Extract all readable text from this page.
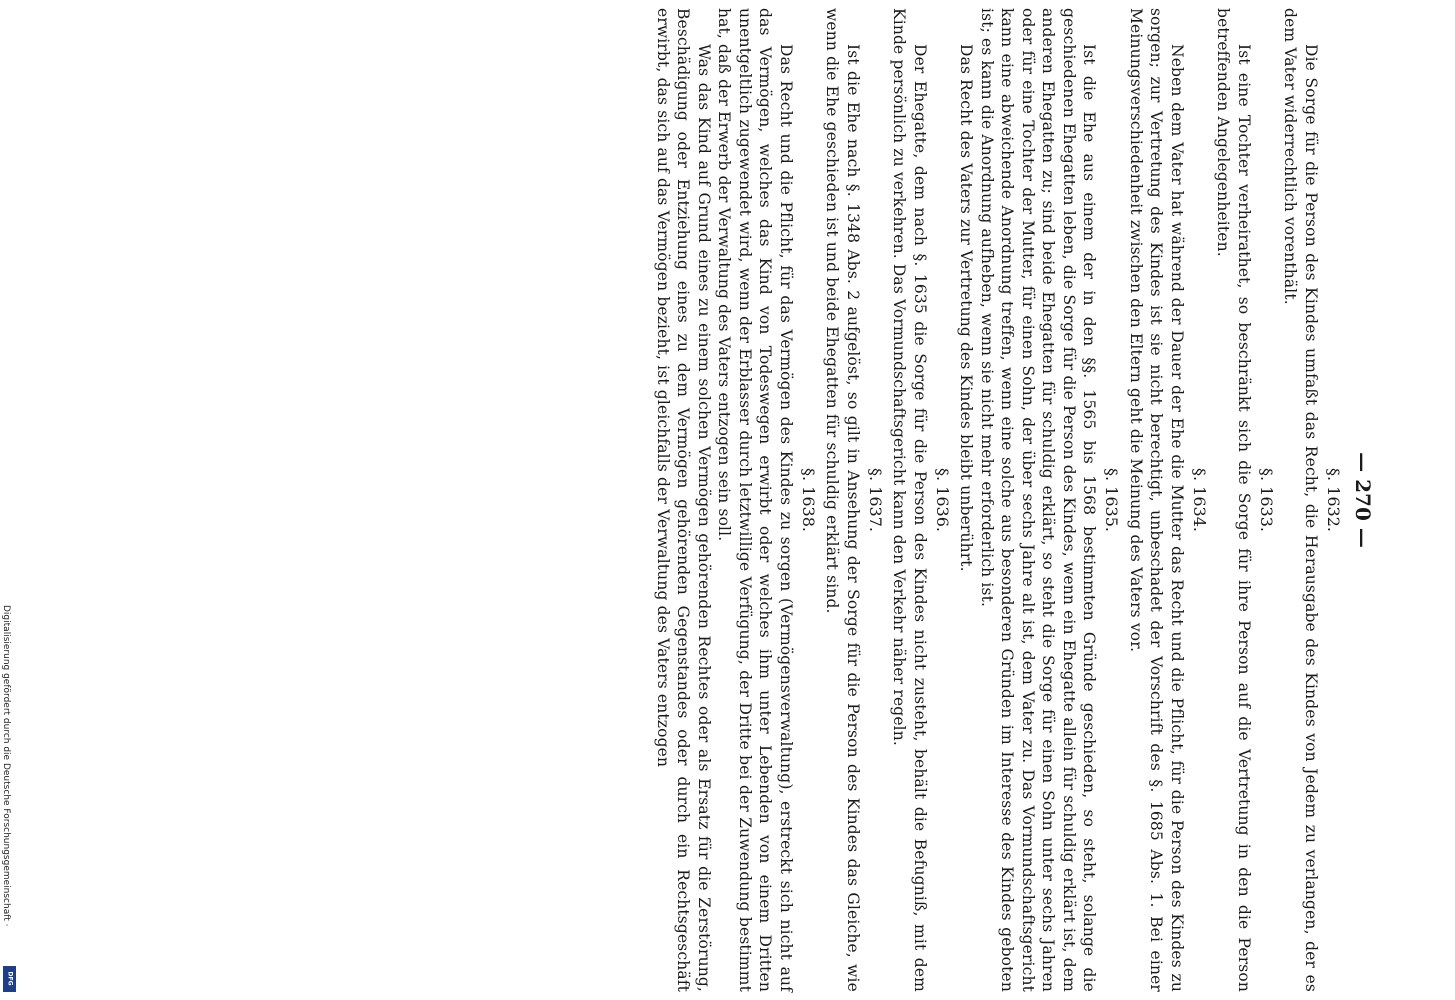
— 270 —
§. 1632.

Die Sorge für die Person des Kindes umfaßt das Recht, die Herausgabe des Kindes von Jedem zu verlangen, der es dem Vater widerrechtlich vorenthält.

§. 1633.

Ist eine Tochter verheirathet, so beschränkt sich die Sorge für ihre Person auf die Vertretung in den die Person betreffenden Angelegenheiten.

§. 1634.

Neben dem Vater hat während der Dauer der Ehe die Mutter das Recht und die Pflicht, für die Person des Kindes zu sorgen; zur Vertretung des Kindes ist sie nicht berechtigt, unbeschadet der Vorschrift des §. 1685 Abs. 1. Bei einer Meinungsverschiedenheit zwischen den Eltern geht die Meinung des Vaters vor.

§. 1635.

Ist die Ehe aus einem der in den §§. 1565 bis 1568 bestimmten Gründe geschieden, so steht, solange die geschiedenen Ehegatten leben, die Sorge für die Person des Kindes, wenn ein Ehegatte allein für schuldig erklärt ist, dem anderen Ehegatten zu; sind beide Ehegatten für schuldig erklärt, so steht die Sorge für einen Sohn unter sechs Jahren oder für eine Tochter der Mutter, für einen Sohn, der über sechs Jahre alt ist, dem Vater zu. Das Vormundschaftsgericht kann eine abweichende Anordnung treffen, wenn eine solche aus besonderen Gründen im Interesse des Kindes geboten ist; es kann die Anordnung aufheben, wenn sie nicht mehr erforderlich ist.

Das Recht des Vaters zur Vertretung des Kindes bleibt unberührt.

§. 1636.

Der Ehegatte, dem nach §. 1635 die Sorge für die Person des Kindes nicht zusteht, behält die Befugniß, mit dem Kinde persönlich zu verkehren. Das Vormundschaftsgericht kann den Verkehr näher regeln.

§. 1637.

Ist die Ehe nach §. 1348 Abs. 2 aufgelöst, so gilt in Ansehung der Sorge für die Person des Kindes das Gleiche, wie wenn die Ehe geschieden ist und beide Ehegatten für schuldig erklärt sind.

§. 1638.

Das Recht und die Pflicht, für das Vermögen des Kindes zu sorgen (Vermögensverwaltung), erstreckt sich nicht auf das Vermögen, welches das Kind von Todeswegen erwirbt oder welches ihm unter Lebenden von einem Dritten unentgeltlich zugewendet wird, wenn der Erblasser durch letztwillige Verfügung, der Dritte bei der Zuwendung bestimmt hat, daß der Erwerb der Verwaltung des Vaters entzogen sein soll.

Was das Kind auf Grund eines zu einem solchen Vermögen gehörenden Rechtes oder als Ersatz für die Zerstörung, Beschädigung oder Entziehung eines zu dem Vermögen gehörenden Gegenstandes oder durch ein Rechtsgeschäft erwirbt, das sich auf das Vermögen bezieht, ist gleichfalls der Verwaltung des Vaters entzogen

Digitalisierung gefördert durch die Deutsche Forschungsgemeinschaft ·
DFG
